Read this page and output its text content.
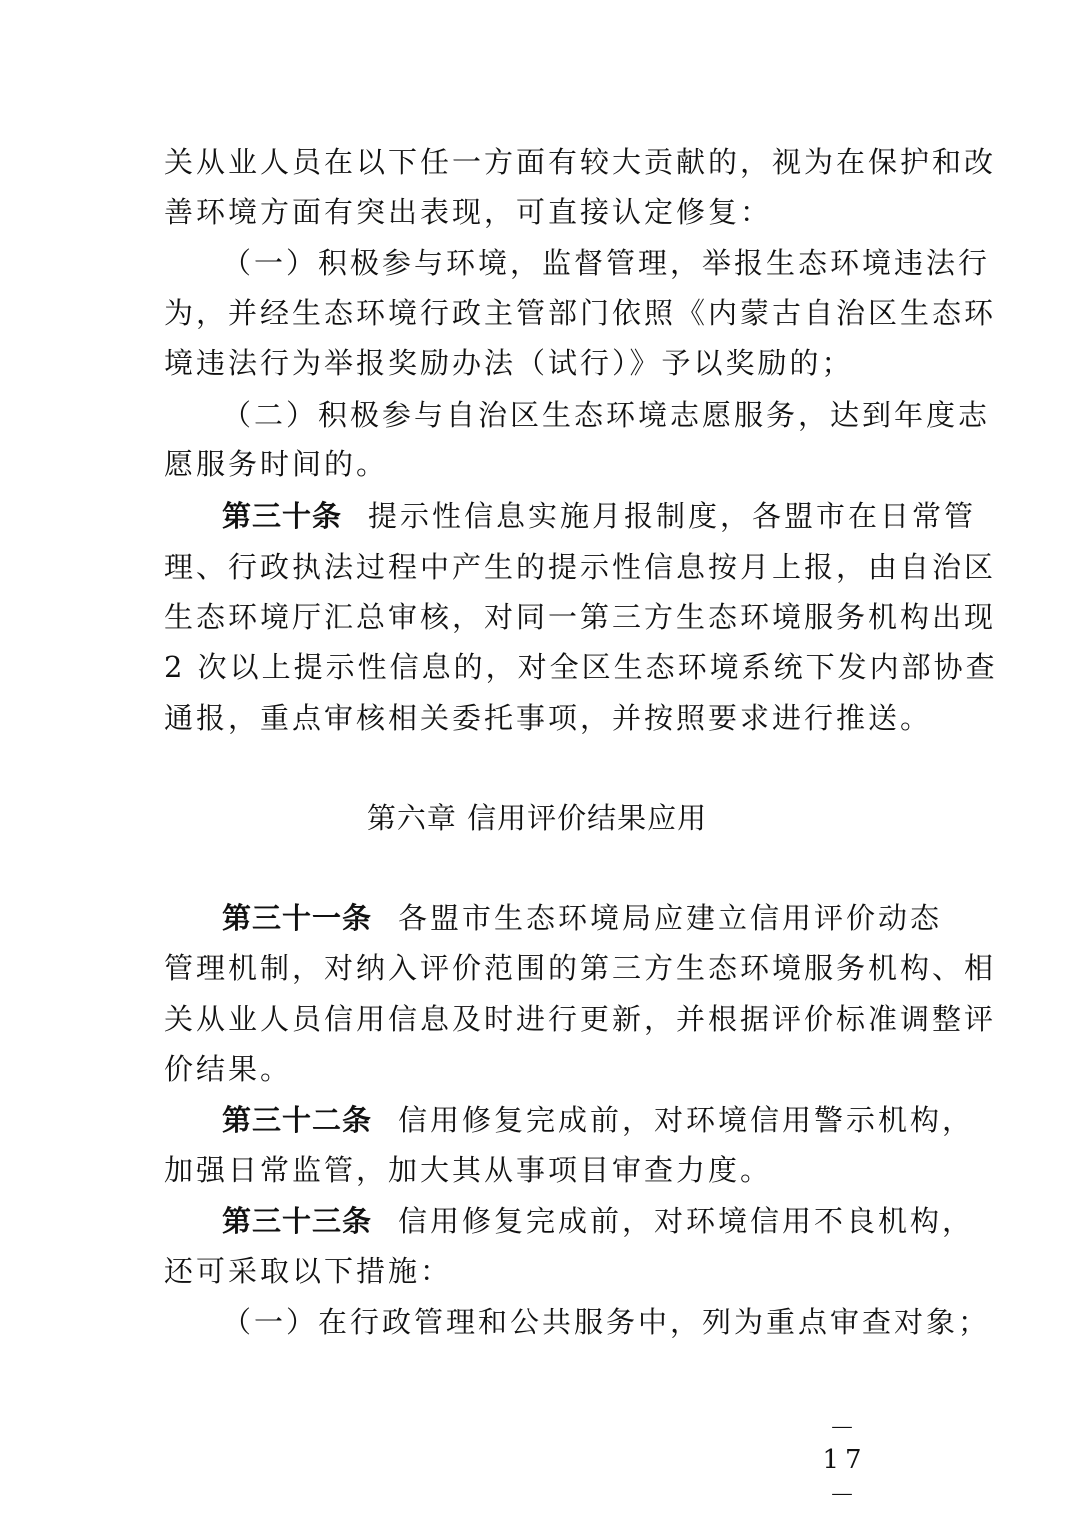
关从业人员在以下任一方面有较大贡献的，视为在保护和改
善环境方面有突出表现，可直接认定修复：
（一）积极参与环境，监督管理，举报生态环境违法行
为，并经生态环境行政主管部门依照《内蒙古自治区生态环
境违法行为举报奖励办法（试行）》予以奖励的；
（二）积极参与自治区生态环境志愿服务，达到年度志
愿服务时间的。
第三十条 提示性信息实施月报制度，各盟市在日常管
理、行政执法过程中产生的提示性信息按月上报，由自治区
生态环境厅汇总审核，对同一第三方生态环境服务机构出现
2 次以上提示性信息的，对全区生态环境系统下发内部协查
通报，重点审核相关委托事项，并按照要求进行推送。
第六章 信用评价结果应用
第三十一条 各盟市生态环境局应建立信用评价动态
管理机制，对纳入评价范围的第三方生态环境服务机构、相
关从业人员信用信息及时进行更新，并根据评价标准调整评
价结果。
第三十二条 信用修复完成前，对环境信用警示机构，
加强日常监管，加大其从事项目审查力度。
第三十三条 信用修复完成前，对环境信用不良机构，
还可采取以下措施：
（一）在行政管理和公共服务中，列为重点审查对象；
－ 17 －
